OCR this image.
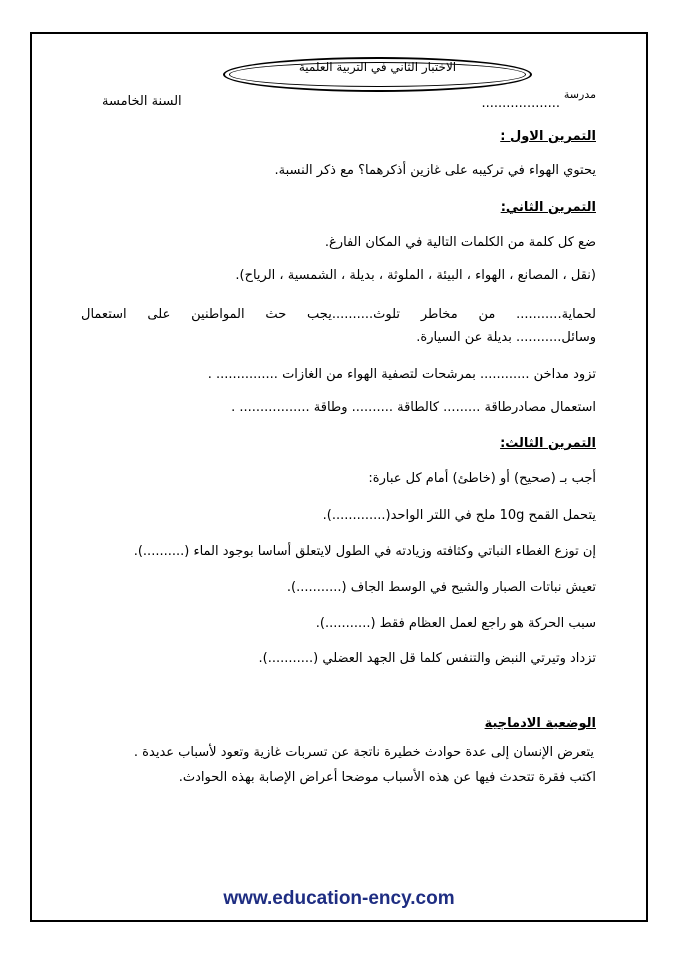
الاختبار الثاني في التربية العلمية
مدرسة
...................
السنة الخامسة
التمرين الاول :
يحتوي الهواء في تركيبه على غازين أذكرهما؟ مع ذكر النسبة.
التمرين الثاني:
ضع كل كلمة من الكلمات التالية في المكان الفارغ.
(نقل ، المصانع ، الهواء ، البيئة ، الملوثة ، بديلة ، الشمسية ، الرياح).
لحماية........... من مخاطر تلوث..........يجب حث المواطنين على استعمال
وسائل........... بديلة عن السيارة.
تزود مداخن ............ بمرشحات لتصفية الهواء من الغازات ............... .
استعمال مصادرطاقة ......... كالطاقة .......... وطاقة ................. .
التمرين الثالث:
أجب بـ (صحيح) أو (خاطئ) أمام كل عبارة:
يتحمل القمح 10g ملح في اللتر الواحد(.............).
إن توزع الغطاء النباتي وكثافته وزيادته في الطول لايتعلق أساسا بوجود الماء (..........).
تعيش نباتات الصبار والشيح في الوسط الجاف (...........).
سبب الحركة هو راجع لعمل العظام فقط (...........).
تزداد وتيرتي النبض والتنفس كلما قل الجهد العضلي (...........).
الوضعية الادماجية
يتعرض الإنسان إلى عدة حوادث خطيرة ناتجة عن تسربات غازية وتعود لأسباب عديدة .
اكتب فقرة تتحدث فيها عن هذه الأسباب موضحا أعراض الإصابة بهذه الحوادث.
www.education-ency.com
